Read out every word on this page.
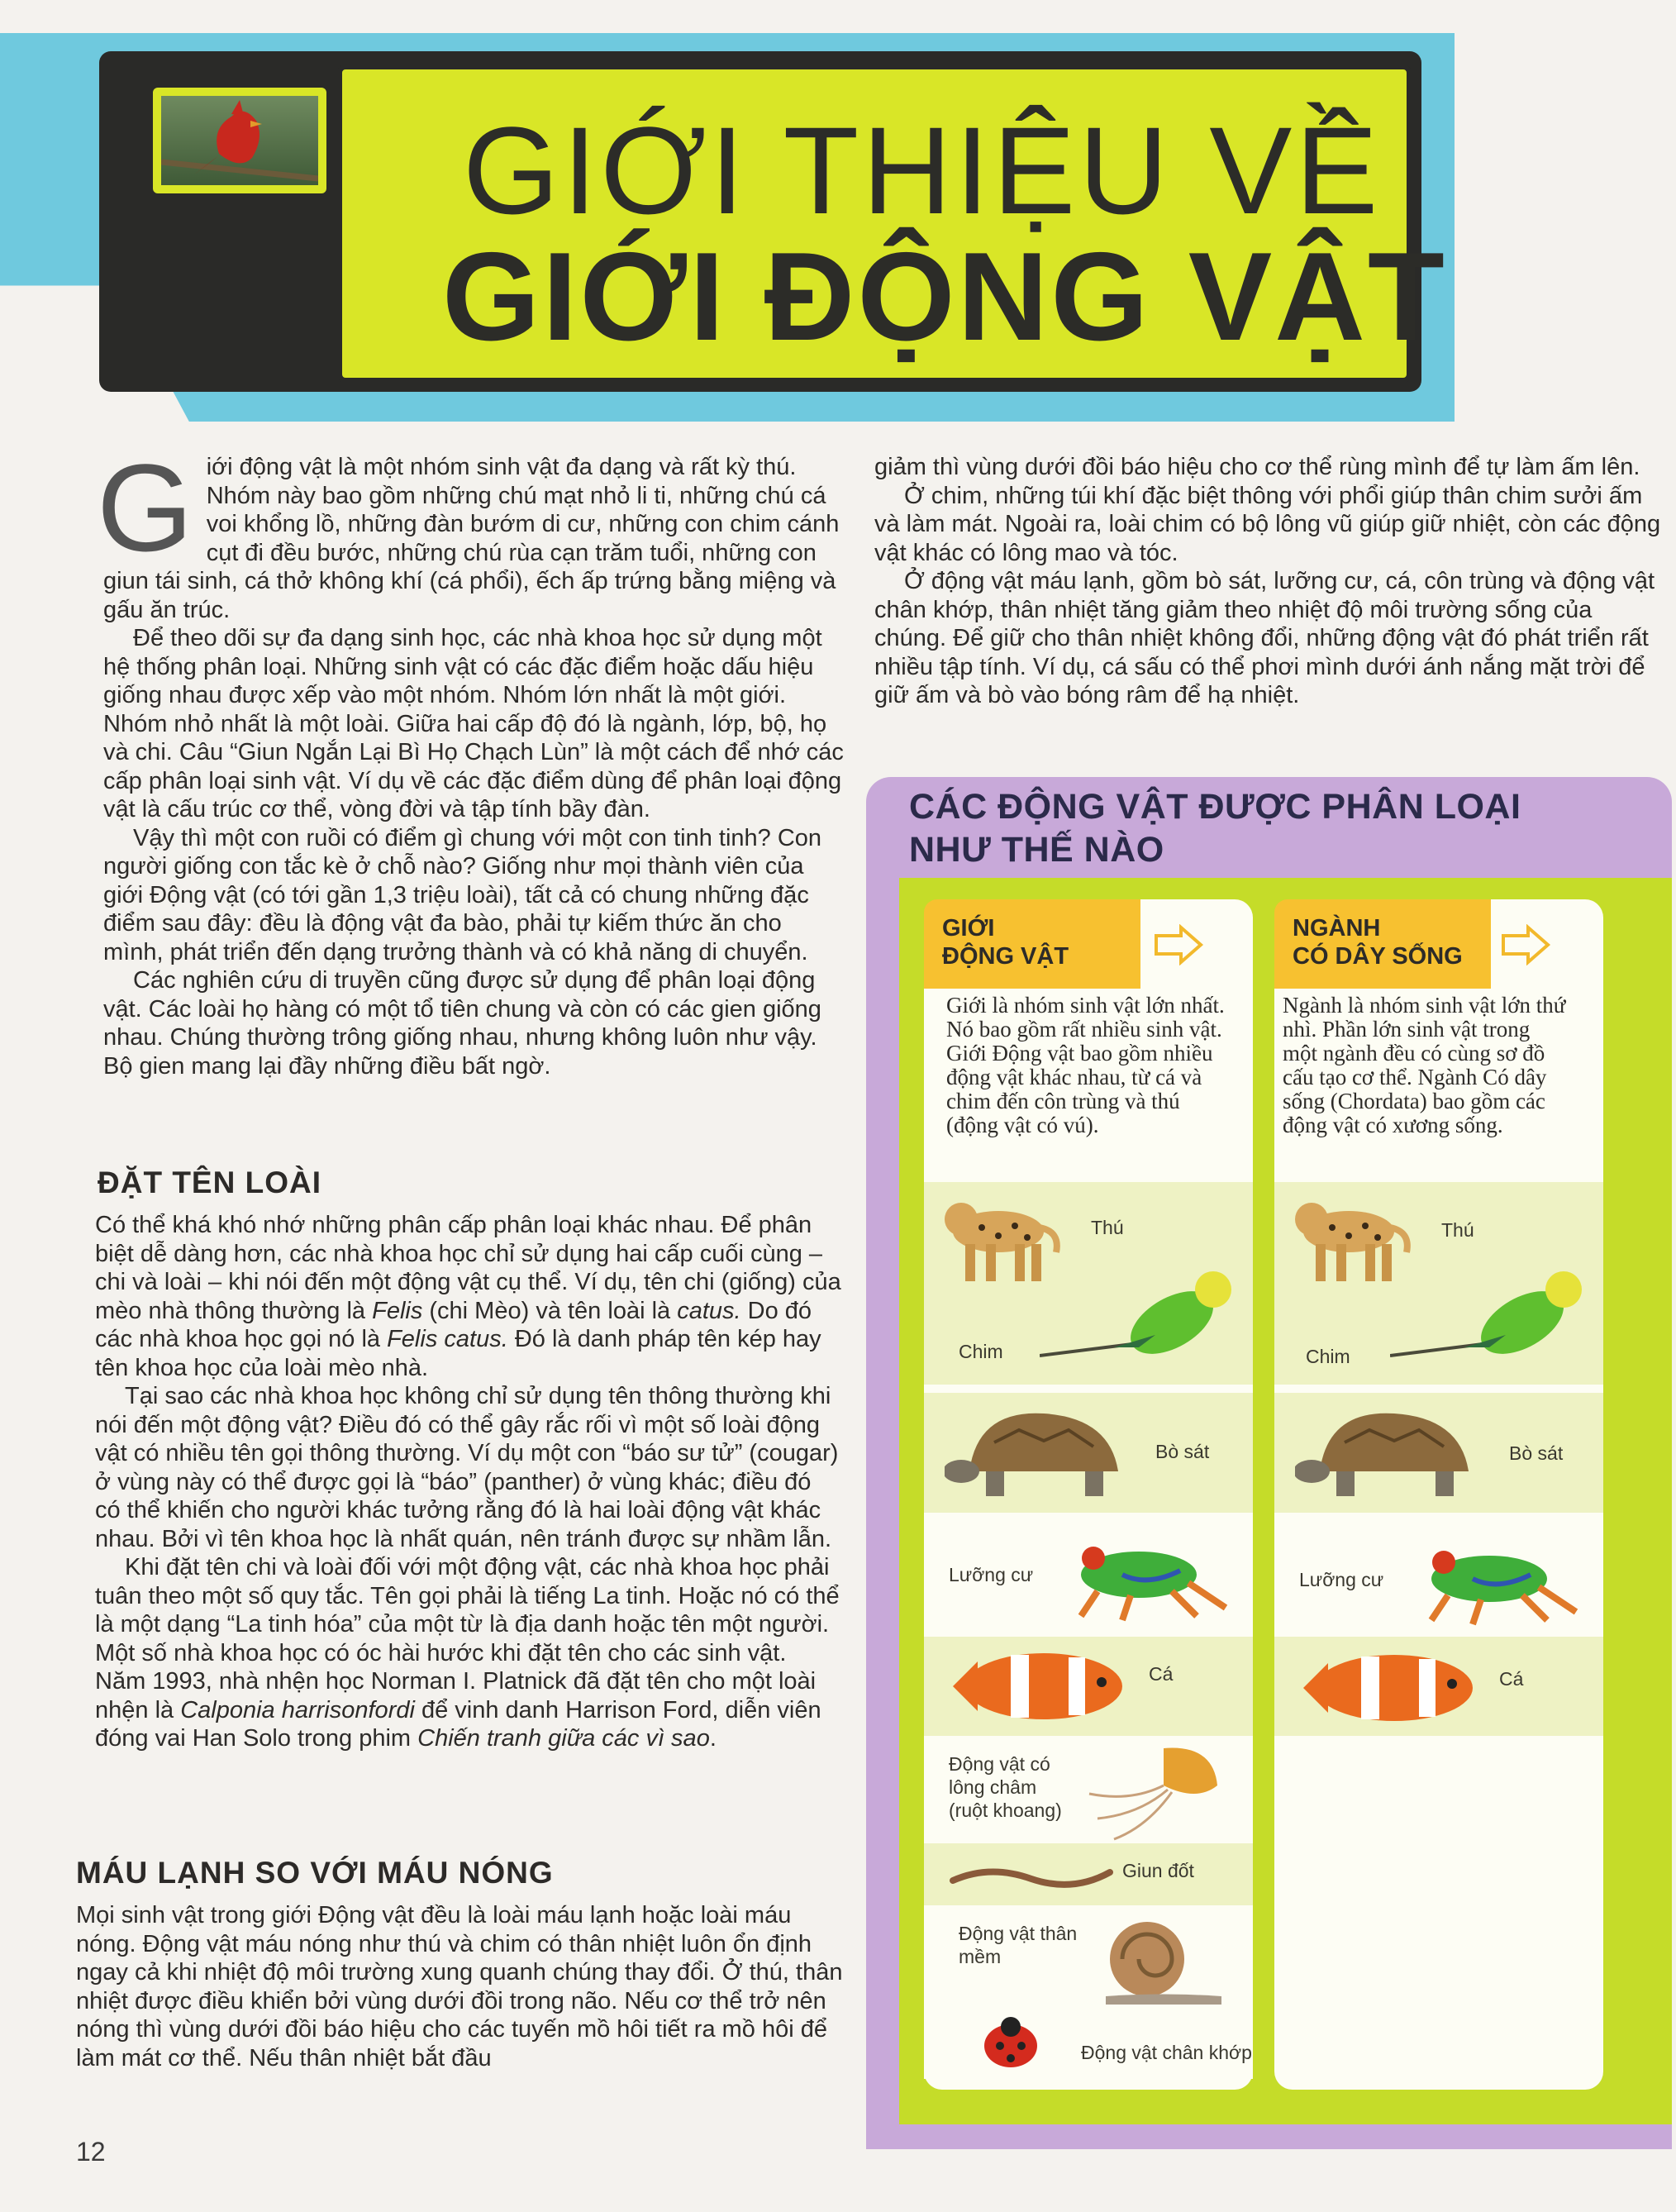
GIỚI THIỆU VỀ
GIỚI ĐỘNG VẬT

Giới động vật là một nhóm sinh vật đa dạng và rất kỳ thú. Nhóm này bao gồm những chú mạt nhỏ li ti, những chú cá voi khổng lồ, những đàn bướm di cư, những con chim cánh cụt đi đều bước, những chú rùa cạn trăm tuổi, những con giun tái sinh, cá thở không khí (cá phổi), ếch ấp trứng bằng miệng và gấu ăn trúc.

Để theo dõi sự đa dạng sinh học, các nhà khoa học sử dụng một hệ thống phân loại. Những sinh vật có các đặc điểm hoặc dấu hiệu giống nhau được xếp vào một nhóm. Nhóm lớn nhất là một giới. Nhóm nhỏ nhất là một loài. Giữa hai cấp độ đó là ngành, lớp, bộ, họ và chi. Câu “Giun Ngắn Lại Bì Họ Chạch Lùn” là một cách để nhớ các cấp phân loại sinh vật. Ví dụ về các đặc điểm dùng để phân loại động vật là cấu trúc cơ thể, vòng đời và tập tính bầy đàn.

Vậy thì một con ruồi có điểm gì chung với một con tinh tinh? Con người giống con tắc kè ở chỗ nào? Giống như mọi thành viên của giới Động vật (có tới gần 1,3 triệu loài), tất cả có chung những đặc điểm sau đây: đều là động vật đa bào, phải tự kiếm thức ăn cho mình, phát triển đến dạng trưởng thành và có khả năng di chuyển.

Các nghiên cứu di truyền cũng được sử dụng để phân loại động vật. Các loài họ hàng có một tổ tiên chung và còn có các gien giống nhau. Chúng thường trông giống nhau, nhưng không luôn như vậy. Bộ gien mang lại đầy những điều bất ngờ.

ĐẶT TÊN LOÀI

Có thể khá khó nhớ những phân cấp phân loại khác nhau. Để phân biệt dễ dàng hơn, các nhà khoa học chỉ sử dụng hai cấp cuối cùng – chi và loài – khi nói đến một động vật cụ thể. Ví dụ, tên chi (giống) của mèo nhà thông thường là Felis (chi Mèo) và tên loài là catus. Do đó các nhà khoa học gọi nó là Felis catus. Đó là danh pháp tên kép hay tên khoa học của loài mèo nhà.

Tại sao các nhà khoa học không chỉ sử dụng tên thông thường khi nói đến một động vật? Điều đó có thể gây rắc rối vì một số loài động vật có nhiều tên gọi thông thường. Ví dụ một con “báo sư tử” (cougar) ở vùng này có thể được gọi là “báo” (panther) ở vùng khác; điều đó có thể khiến cho người khác tưởng rằng đó là hai loài động vật khác nhau. Bởi vì tên khoa học là nhất quán, nên tránh được sự nhầm lẫn.

Khi đặt tên chi và loài đối với một động vật, các nhà khoa học phải tuân theo một số quy tắc. Tên gọi phải là tiếng La tinh. Hoặc nó có thể là một dạng “La tinh hóa” của một từ là địa danh hoặc tên một người. Một số nhà khoa học có óc hài hước khi đặt tên cho các sinh vật. Năm 1993, nhà nhện học Norman I. Platnick đã đặt tên cho một loài nhện là Calponia harrisonfordi để vinh danh Harrison Ford, diễn viên đóng vai Han Solo trong phim Chiến tranh giữa các vì sao.

MÁU LẠNH SO VỚI MÁU NÓNG

Mọi sinh vật trong giới Động vật đều là loài máu lạnh hoặc loài máu nóng. Động vật máu nóng như thú và chim có thân nhiệt luôn ổn định ngay cả khi nhiệt độ môi trường xung quanh chúng thay đổi. Ở thú, thân nhiệt được điều khiển bởi vùng dưới đồi trong não. Nếu cơ thể trở nên nóng thì vùng dưới đồi báo hiệu cho các tuyến mồ hôi tiết ra mồ hôi để làm mát cơ thể. Nếu thân nhiệt bắt đầu

giảm thì vùng dưới đồi báo hiệu cho cơ thể rùng mình để tự làm ấm lên.

Ở chim, những túi khí đặc biệt thông với phổi giúp thân chim sưởi ấm và làm mát. Ngoài ra, loài chim có bộ lông vũ giúp giữ nhiệt, còn các động vật khác có lông mao và tóc.

Ở động vật máu lạnh, gồm bò sát, lưỡng cư, cá, côn trùng và động vật chân khớp, thân nhiệt tăng giảm theo nhiệt độ môi trường sống của chúng. Để giữ cho thân nhiệt không đổi, những động vật đó phát triển rất nhiều tập tính. Ví dụ, cá sấu có thể phơi mình dưới ánh nắng mặt trời để giữ ấm và bò vào bóng râm để hạ nhiệt.

CÁC ĐỘNG VẬT ĐƯỢC PHÂN LOẠI
NHƯ THẾ NÀO
GIỚI
ĐỘNG VẬT
Giới là nhóm sinh vật lớn nhất. Nó bao gồm rất nhiều sinh vật. Giới Động vật bao gồm nhiều động vật khác nhau, từ cá và chim đến côn trùng và thú (động vật có vú).
Thú
Chim
Bò sát
Lưỡng cư
Cá
Động vật có lông châm (ruột khoang)
Giun đốt
Động vật thân mềm
Động vật chân khớp
NGÀNH
CÓ DÂY SỐNG
Ngành là nhóm sinh vật lớn thứ nhì. Phần lớn sinh vật trong một ngành đều có cùng sơ đồ cấu tạo cơ thể. Ngành Có dây sống (Chordata) bao gồm các động vật có xương sống.
Thú
Chim
Bò sát
Lưỡng cư
Cá
12
